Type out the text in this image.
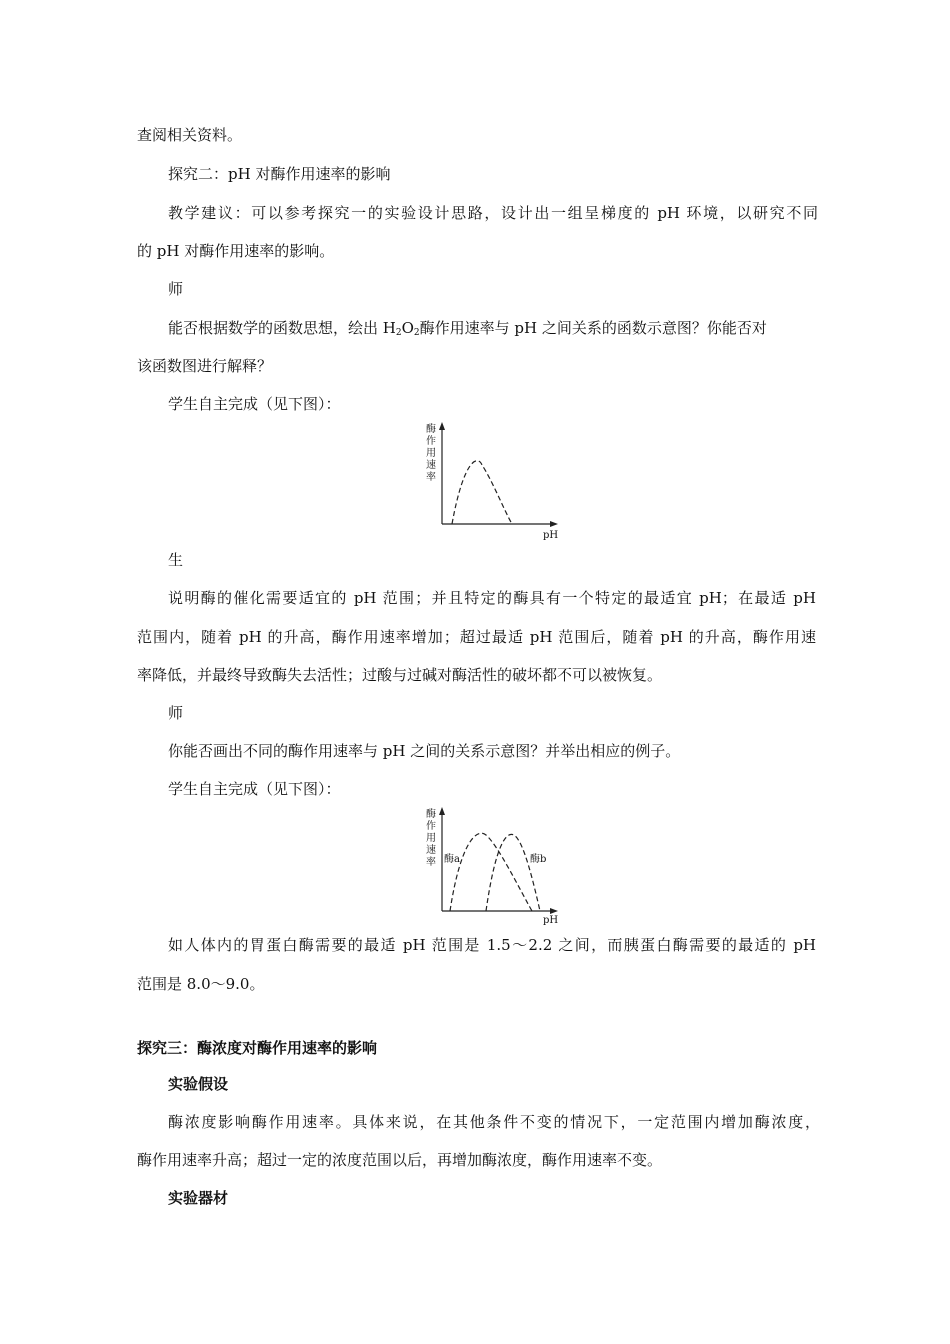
查阅相关资料。
探究二：pH 对酶作用速率的影响
教学建议：可以参考探究一的实验设计思路，设计出一组呈梯度的 pH 环境，以研究不同
的 pH 对酶作用速率的影响。
师
能否根据数学的函数思想，绘出 $H_2O_2$酶作用速率与 pH 之间关系的函数示意图？你能否对
该函数图进行解释？
学生自主完成（见下图）：
酶
作
用
速
率
pH
生
说明酶的催化需要适宜的 pH 范围；并且特定的酶具有一个特定的最适宜 pH；在最适 pH
范围内，随着 pH 的升高，酶作用速率增加；超过最适 pH 范围后，随着 pH 的升高，酶作用速
率降低，并最终导致酶失去活性；过酸与过碱对酶活性的破坏都不可以被恢复。
师
你能否画出不同的酶作用速率与 pH 之间的关系示意图？并举出相应的例子。
学生自主完成（见下图）：
酶
作
用
速
率 酶a	酶b
pH
如人体内的胃蛋白酶需要的最适 pH 范围是 1.5～2.2 之间，而胰蛋白酶需要的最适的 pH
范围是 8.0～9.0。
探究三：酶浓度对酶作用速率的影响
实验假设
酶浓度影响酶作用速率。具体来说，在其他条件不变的情况下，一定范围内增加酶浓度，
酶作用速率升高；超过一定的浓度范围以后，再增加酶浓度，酶作用速率不变。
实验器材
